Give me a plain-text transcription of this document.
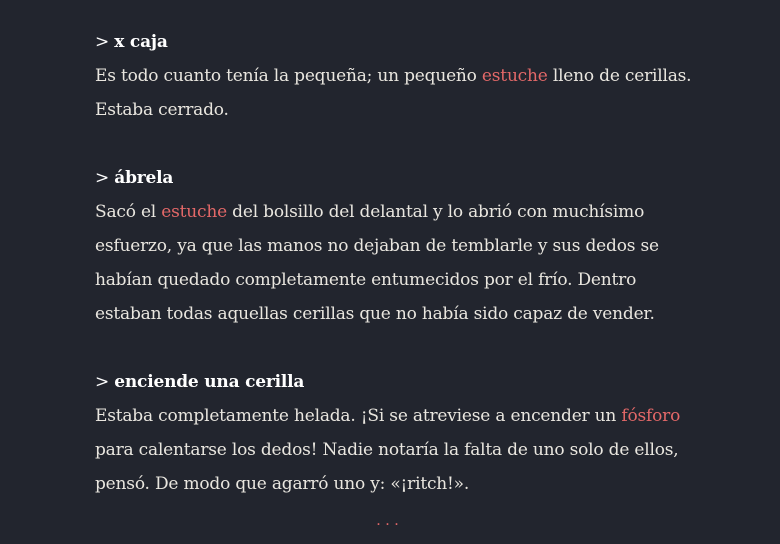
> x caja
Es todo cuanto tenía la pequeña; un pequeño estuche lleno de cerillas.
Estaba cerrado.
> ábrela
Sacó el estuche del bolsillo del delantal y lo abrió con muchísimo
esfuerzo, ya que las manos no dejaban de temblarle y sus dedos se
habían quedado completamente entumecidos por el frío. Dentro
estaban todas aquellas cerillas que no había sido capaz de vender.
> enciende una cerilla
Estaba completamente helada. ¡Si se atreviese a encender un fósforo
para calentarse los dedos! Nadie notaría la falta de uno solo de ellos,
pensó. De modo que agarró uno y: «¡ritch!».
...
